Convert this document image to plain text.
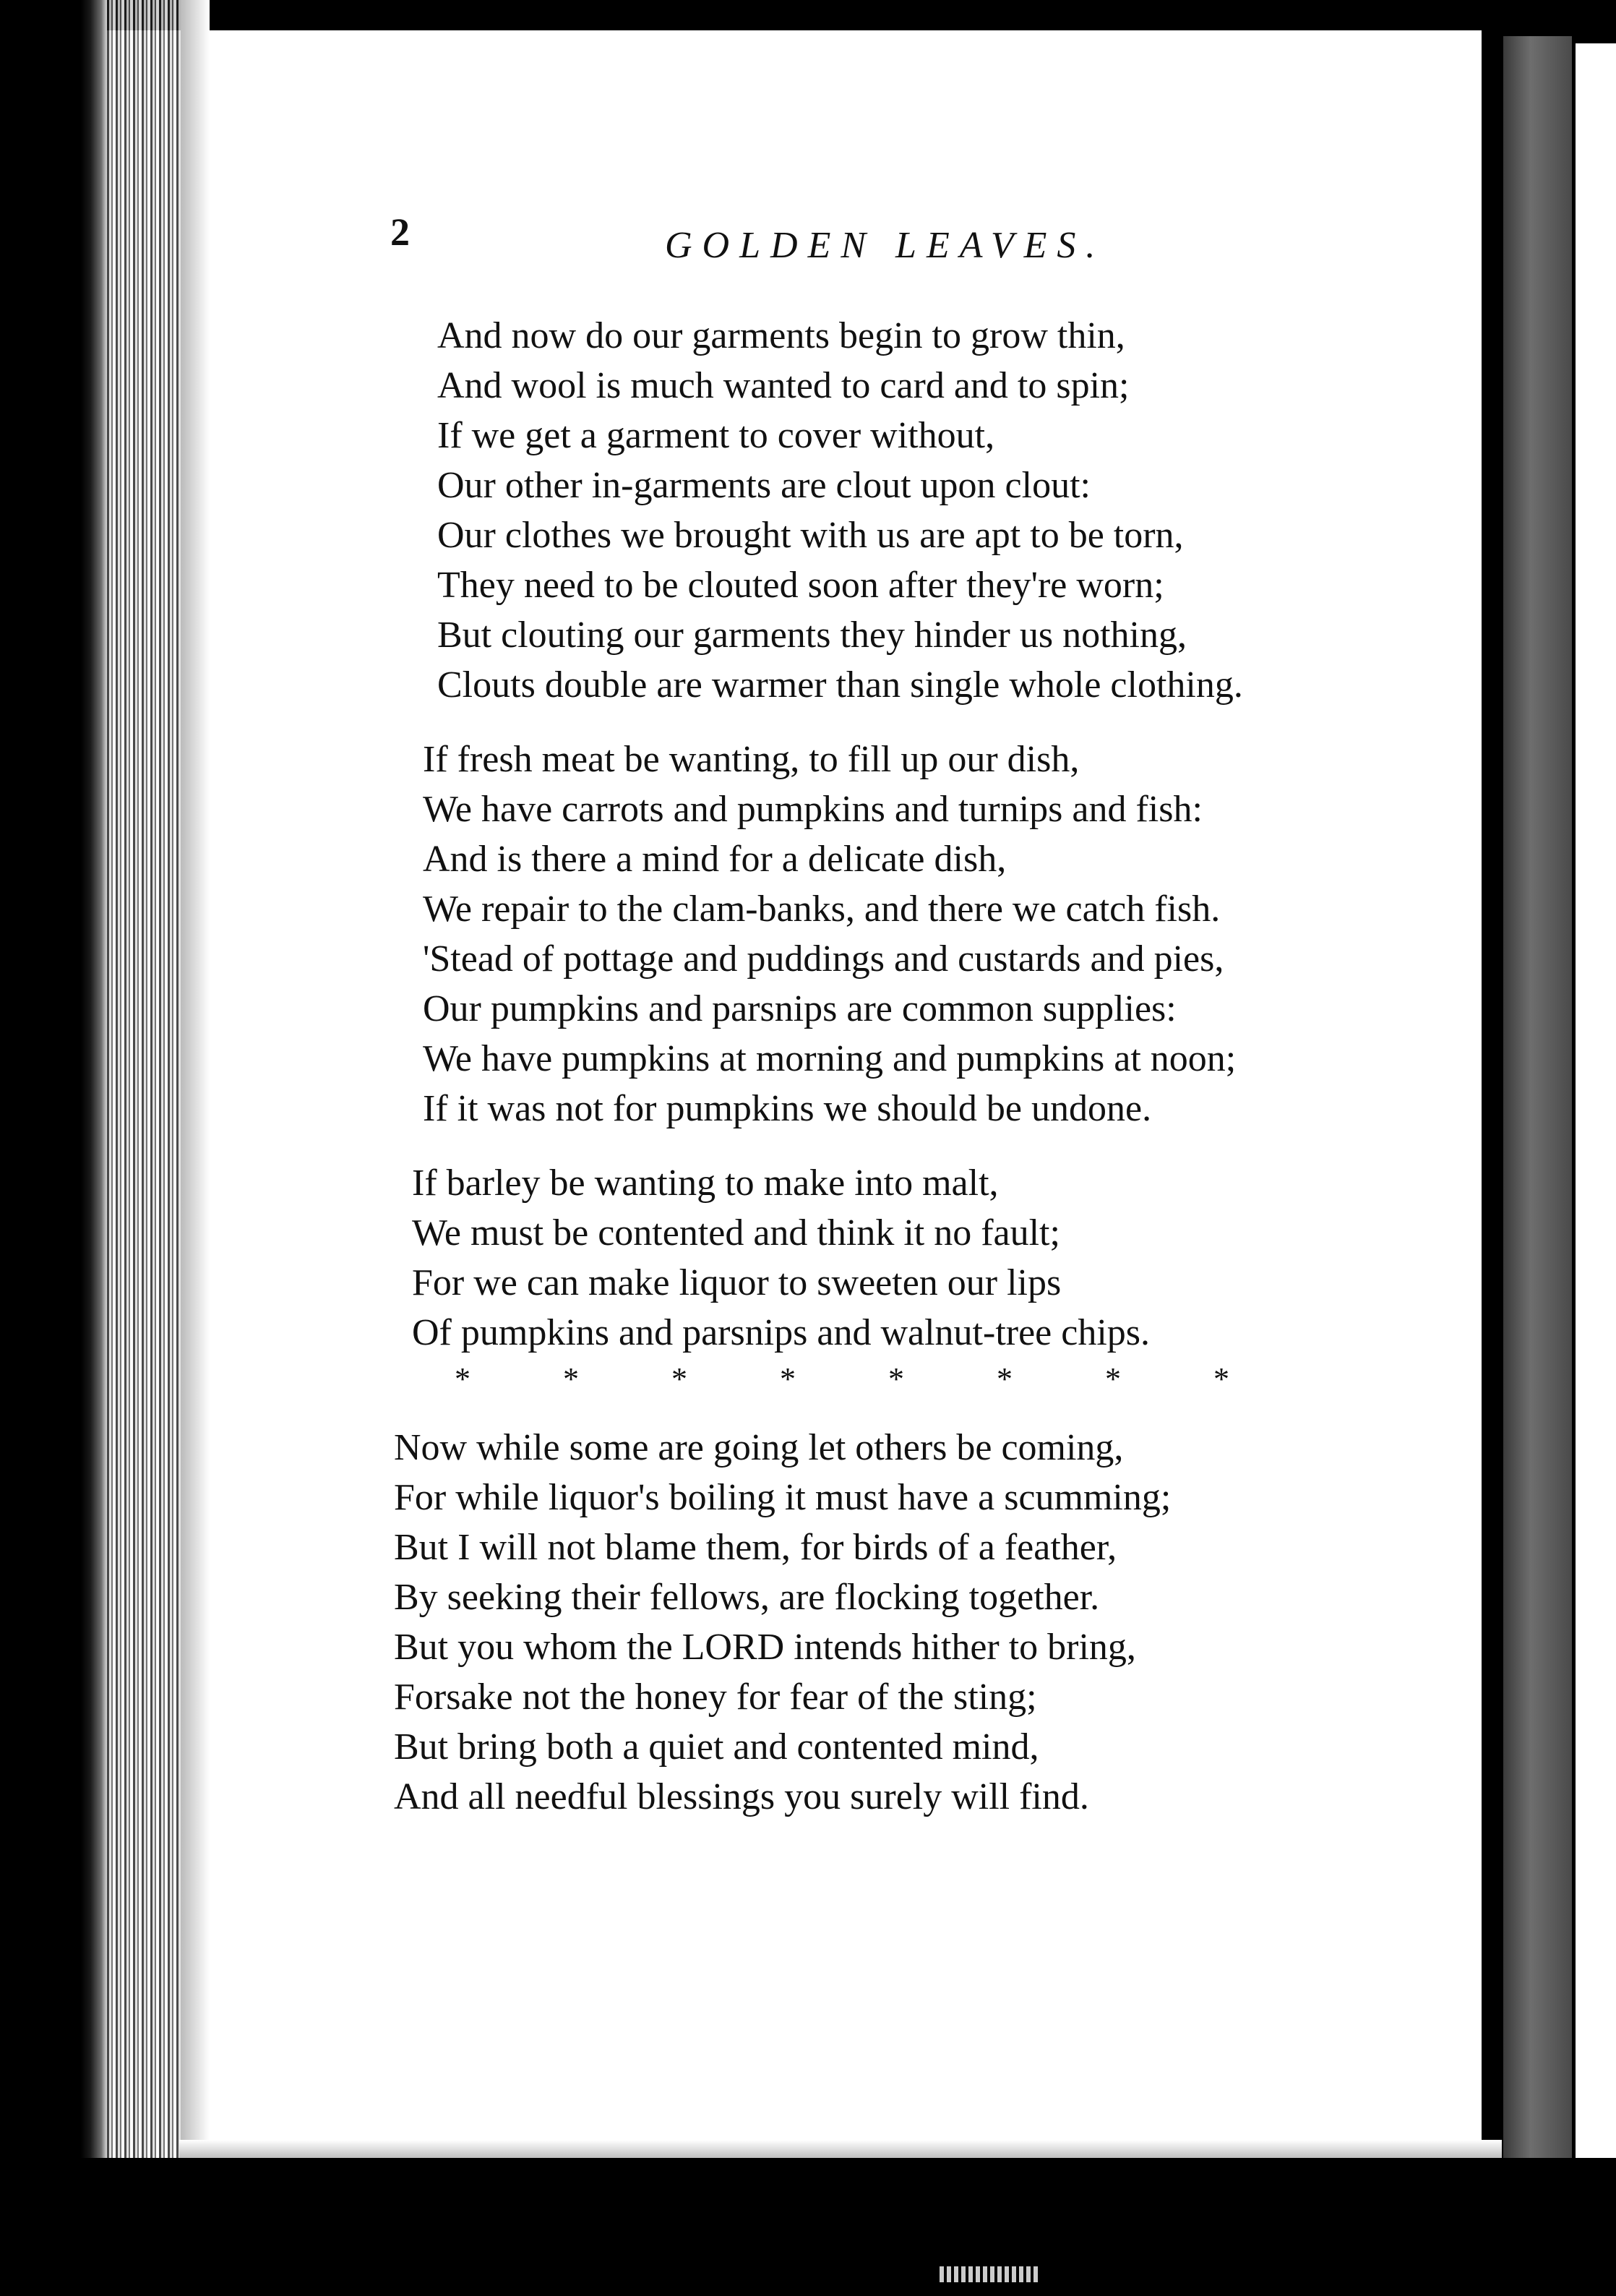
2	GOLDEN LEAVES.
And now do our garments begin to grow thin,
And wool is much wanted to card and to spin;
If we get a garment to cover without,
Our other in-garments are clout upon clout:
Our clothes we brought with us are apt to be torn,
They need to be clouted soon after they're worn;
But clouting our garments they hinder us nothing,
Clouts double are warmer than single whole clothing.
If fresh meat be wanting, to fill up our dish,
We have carrots and pumpkins and turnips and fish:
And is there a mind for a delicate dish,
We repair to the clam-banks, and there we catch fish.
'Stead of pottage and puddings and custards and pies,
Our pumpkins and parsnips are common supplies:
We have pumpkins at morning and pumpkins at noon;
If it was not for pumpkins we should be undone.
If barley be wanting to make into malt,
We must be contented and think it no fault;
For we can make liquor to sweeten our lips
Of pumpkins and parsnips and walnut-tree chips.
*	*	*	*	*	*	*	*
Now while some are going let others be coming,
For while liquor's boiling it must have a scumming;
But I will not blame them, for birds of a feather,
By seeking their fellows, are flocking together.
But you whom the LORD intends hither to bring,
Forsake not the honey for fear of the sting;
But bring both a quiet and contented mind,
And all needful blessings you surely will find.
